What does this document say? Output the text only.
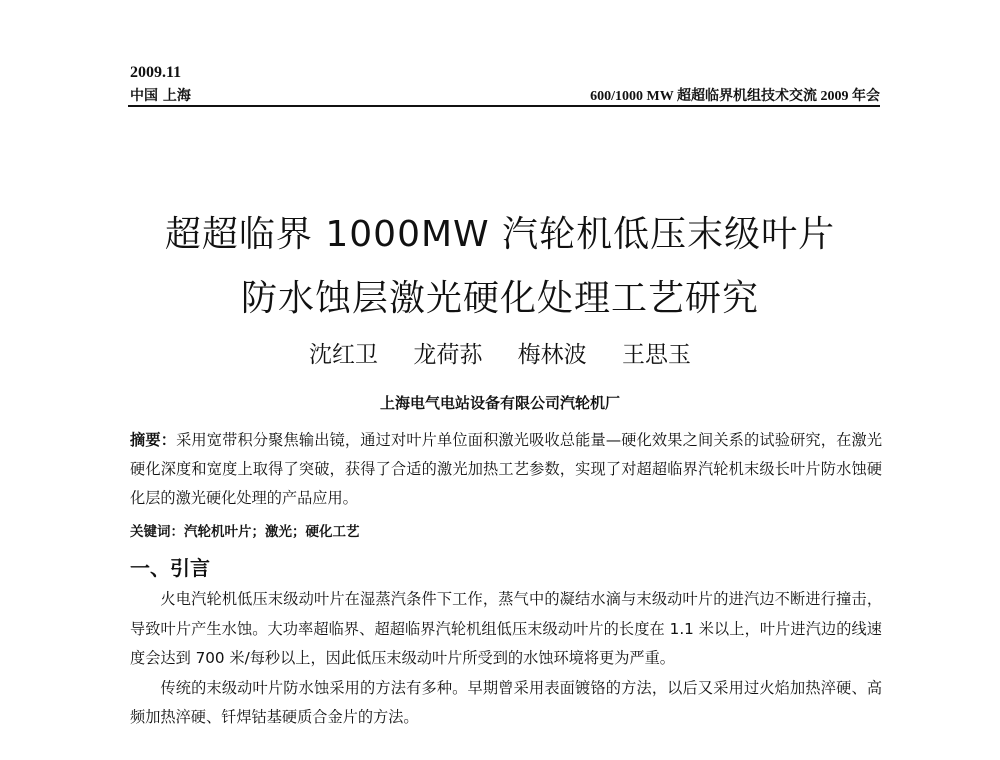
2009.11
中国 上海	600/1000 MW 超超临界机组技术交流 2009 年会
超超临界 1000MW 汽轮机低压末级叶片
防水蚀层激光硬化处理工艺研究
沈红卫 龙荷荪 梅林波 王思玉
上海电气电站设备有限公司汽轮机厂
摘要：采用宽带积分聚焦输出镜，通过对叶片单位面积激光吸收总能量—硬化效果之间关系的试验研究，在激光硬化深度和宽度上取得了突破，获得了合适的激光加热工艺参数，实现了对超超临界汽轮机末级长叶片防水蚀硬化层的激光硬化处理的产品应用。
关键词：汽轮机叶片；激光；硬化工艺
一、引言

火电汽轮机低压末级动叶片在湿蒸汽条件下工作，蒸气中的凝结水滴与末级动叶片的进汽边不断进行撞击，导致叶片产生水蚀。大功率超临界、超超临界汽轮机组低压末级动叶片的长度在 1.1 米以上，叶片进汽边的线速度会达到 700 米/每秒以上，因此低压末级动叶片所受到的水蚀环境将更为严重。

传统的末级动叶片防水蚀采用的方法有多种。早期曾采用表面镀铬的方法，以后又采用过火焰加热淬硬、高频加热淬硬、钎焊钴基硬质合金片的方法。
